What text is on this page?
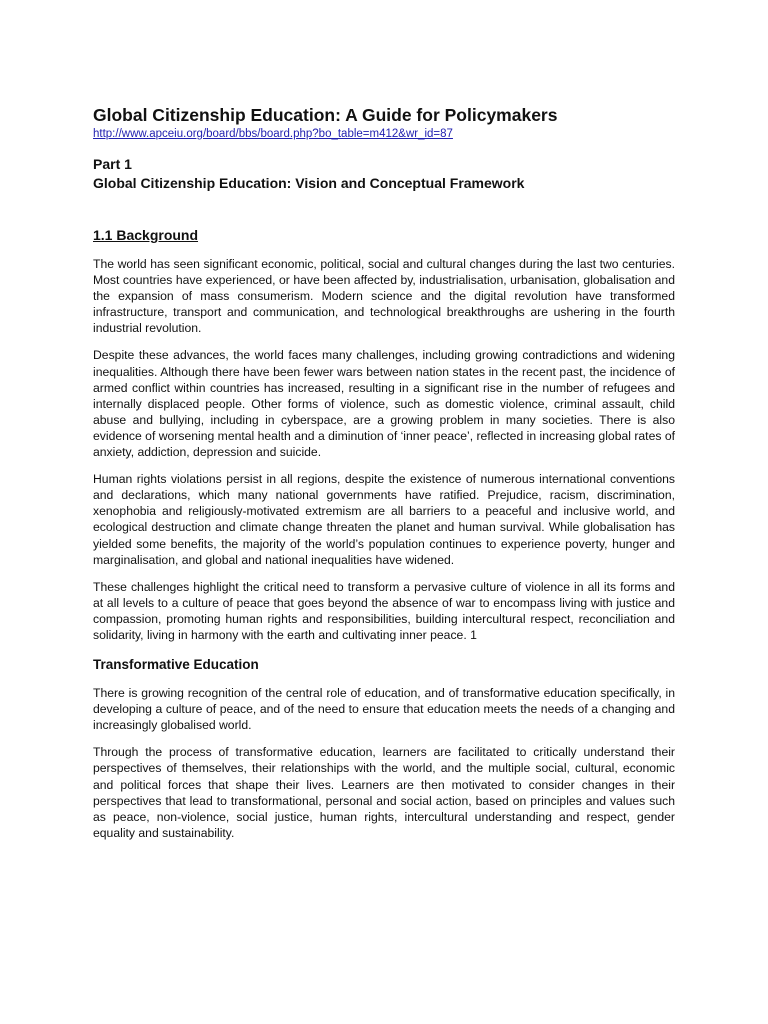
Global Citizenship Education: A Guide for Policymakers
http://www.apceiu.org/board/bbs/board.php?bo_table=m412&wr_id=87
Part 1
Global Citizenship Education: Vision and Conceptual Framework
1.1 Background

The world has seen significant economic, political, social and cultural changes during the last two centuries. Most countries have experienced, or have been affected by, industrialisation, urbanisation, globalisation and the expansion of mass consumerism. Modern science and the digital revolution have transformed infrastructure, transport and communication, and technological breakthroughs are ushering in the fourth industrial revolution.

Despite these advances, the world faces many challenges, including growing contradictions and widening inequalities. Although there have been fewer wars between nation states in the recent past, the incidence of armed conflict within countries has increased, resulting in a significant rise in the number of refugees and internally displaced people. Other forms of violence, such as domestic violence, criminal assault, child abuse and bullying, including in cyberspace, are a growing problem in many societies. There is also evidence of worsening mental health and a diminution of ‘inner peace’, reflected in increasing global rates of anxiety, addiction, depression and suicide.

Human rights violations persist in all regions, despite the existence of numerous international conventions and declarations, which many national governments have ratified. Prejudice, racism, discrimination, xenophobia and religiously-motivated extremism are all barriers to a peaceful and inclusive world, and ecological destruction and climate change threaten the planet and human survival. While globalisation has yielded some benefits, the majority of the world’s population continues to experience poverty, hunger and marginalisation, and global and national inequalities have widened.

These challenges highlight the critical need to transform a pervasive culture of violence in all its forms and at all levels to a culture of peace that goes beyond the absence of war to encompass living with justice and compassion, promoting human rights and responsibilities, building intercultural respect, reconciliation and solidarity, living in harmony with the earth and cultivating inner peace. 1

Transformative Education

There is growing recognition of the central role of education, and of transformative education specifically, in developing a culture of peace, and of the need to ensure that education meets the needs of a changing and increasingly globalised world.

Through the process of transformative education, learners are facilitated to critically understand their perspectives of themselves, their relationships with the world, and the multiple social, cultural, economic and political forces that shape their lives. Learners are then motivated to consider changes in their perspectives that lead to transformational, personal and social action, based on principles and values such as peace, non-violence, social justice, human rights, intercultural understanding and respect, gender equality and sustainability.
